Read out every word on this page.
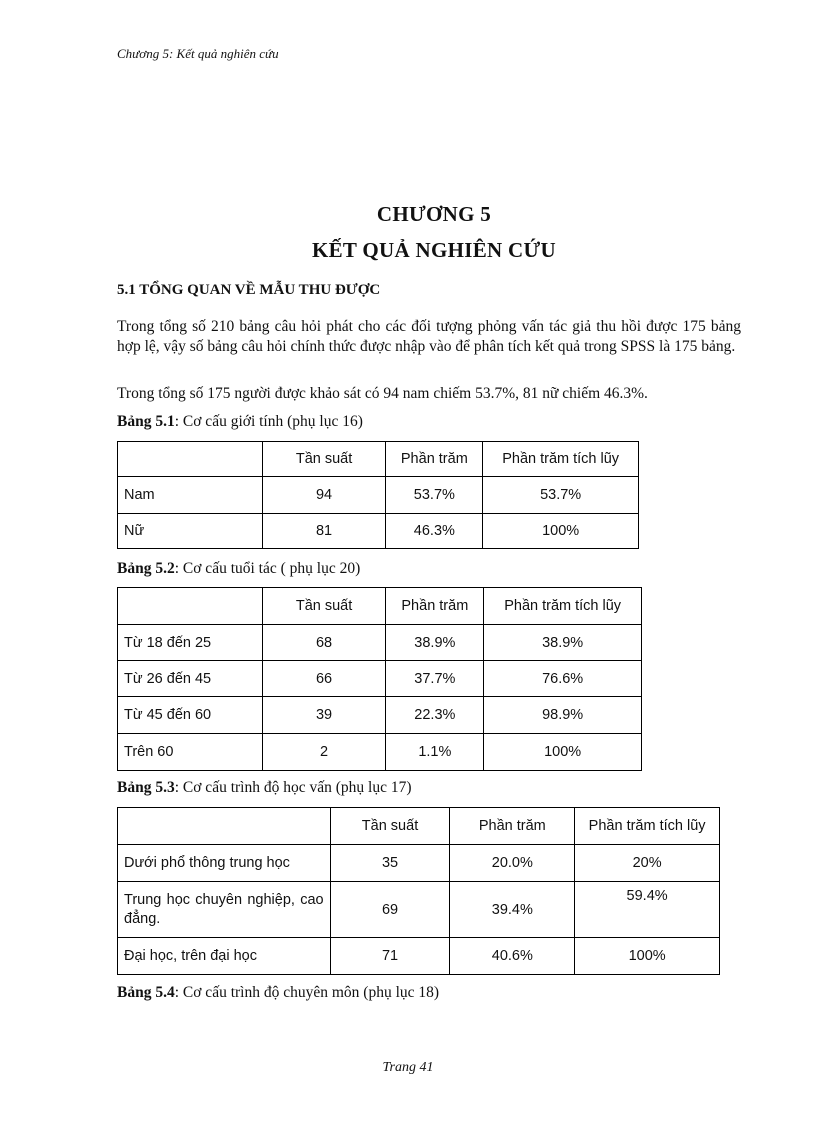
Chương 5: Kết quả nghiên cứu
CHƯƠNG 5
KẾT QUẢ NGHIÊN CỨU
5.1 TỔNG QUAN VỀ MẪU THU ĐƯỢC
Trong tổng số 210 bảng câu hỏi phát cho các đối tượng phỏng vấn tác giả thu hồi được 175 bảng hợp lệ, vậy số bảng câu hỏi chính thức được nhập vào để phân tích kết quả trong SPSS là 175 bảng.
Trong tổng số 175 người được khảo sát có 94 nam chiếm 53.7%, 81 nữ chiếm 46.3%.
Bảng 5.1: Cơ cấu giới tính (phụ lục 16)
	Tần suất	Phần trăm	Phần trăm tích lũy
Nam	94	53.7%	53.7%
Nữ	81	46.3%	100%
Bảng 5.2: Cơ cấu tuổi tác ( phụ lục 20)
	Tần suất	Phần trăm	Phần trăm tích lũy
Từ 18 đến 25	68	38.9%	38.9%
Từ 26 đến 45	66	37.7%	76.6%
Từ 45 đến 60	39	22.3%	98.9%
Trên 60	2	1.1%	100%
Bảng 5.3: Cơ cấu trình độ học vấn (phụ lục 17)
	Tần suất	Phần trăm	Phần trăm tích lũy
Dưới phổ thông trung học	35	20.0%	20%
Trung học chuyên nghiệp, cao đẳng.	69	39.4%	59.4%
Đại học, trên đại học	71	40.6%	100%
Bảng 5.4: Cơ cấu trình độ chuyên môn (phụ lục 18)
Trang 41
